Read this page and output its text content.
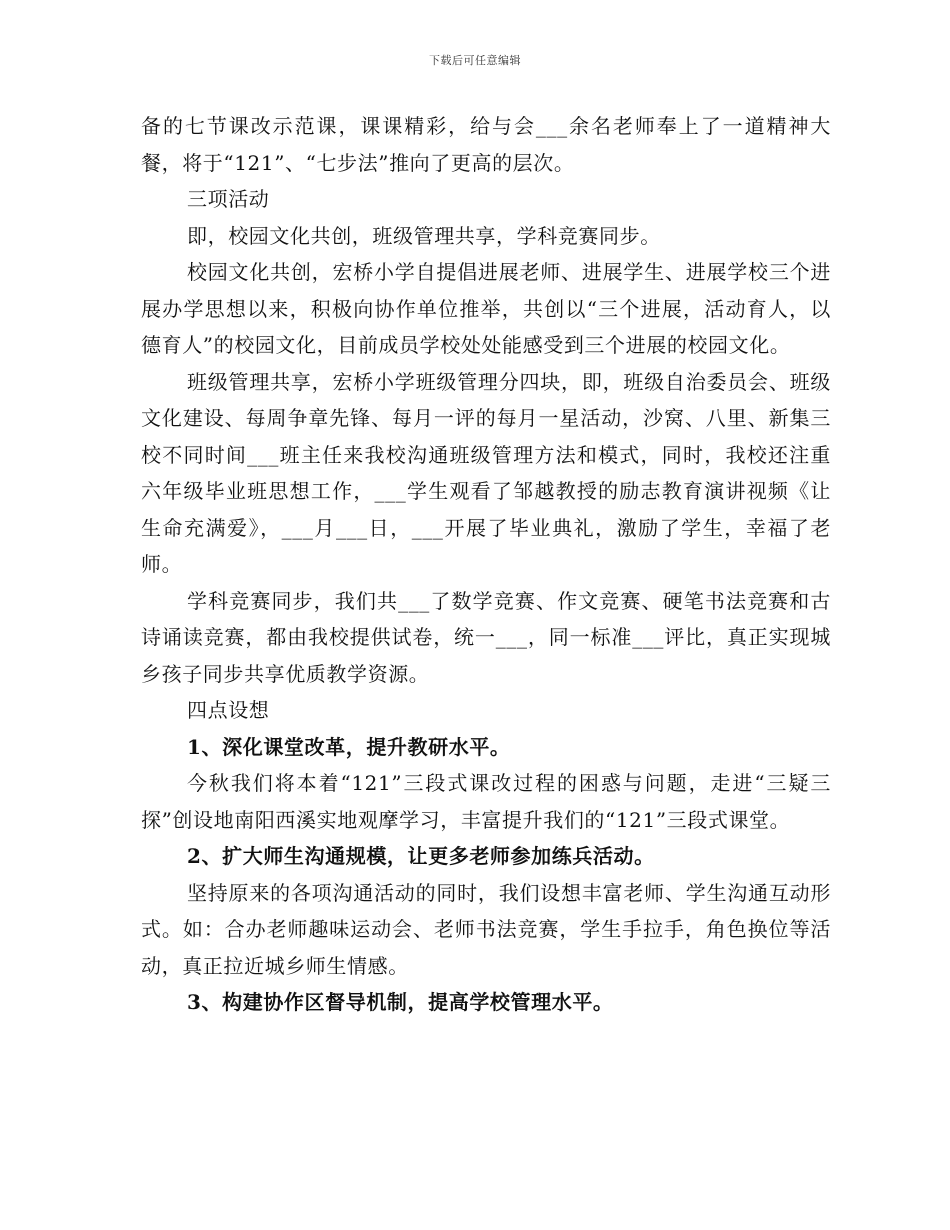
下载后可任意编辑

备的七节课改示范课，课课精彩，给与会___余名老师奉上了一道精神大餐，将于“121”、“七步法”推向了更高的层次。

三项活动

即，校园文化共创，班级管理共享，学科竞赛同步。

校园文化共创，宏桥小学自提倡进展老师、进展学生、进展学校三个进展办学思想以来，积极向协作单位推举，共创以“三个进展，活动育人，以德育人”的校园文化，目前成员学校处处能感受到三个进展的校园文化。

班级管理共享，宏桥小学班级管理分四块，即，班级自治委员会、班级文化建设、每周争章先锋、每月一评的每月一星活动，沙窝、八里、新集三校不同时间___班主任来我校沟通班级管理方法和模式，同时，我校还注重六年级毕业班思想工作，___学生观看了邹越教授的励志教育演讲视频《让生命充满爱》，___月___日，___开展了毕业典礼，激励了学生，幸福了老师。

学科竞赛同步，我们共___了数学竞赛、作文竞赛、硬笔书法竞赛和古诗诵读竞赛，都由我校提供试卷，统一___，同一标准___评比，真正实现城乡孩子同步共享优质教学资源。

四点设想

1、深化课堂改革，提升教研水平。

今秋我们将本着“121”三段式课改过程的困惑与问题，走进“三疑三探”创设地南阳西溪实地观摩学习，丰富提升我们的“121”三段式课堂。

2、扩大师生沟通规模，让更多老师参加练兵活动。

坚持原来的各项沟通活动的同时，我们设想丰富老师、学生沟通互动形式。如：合办老师趣味运动会、老师书法竞赛，学生手拉手，角色换位等活动，真正拉近城乡师生情感。

3、构建协作区督导机制，提高学校管理水平。
